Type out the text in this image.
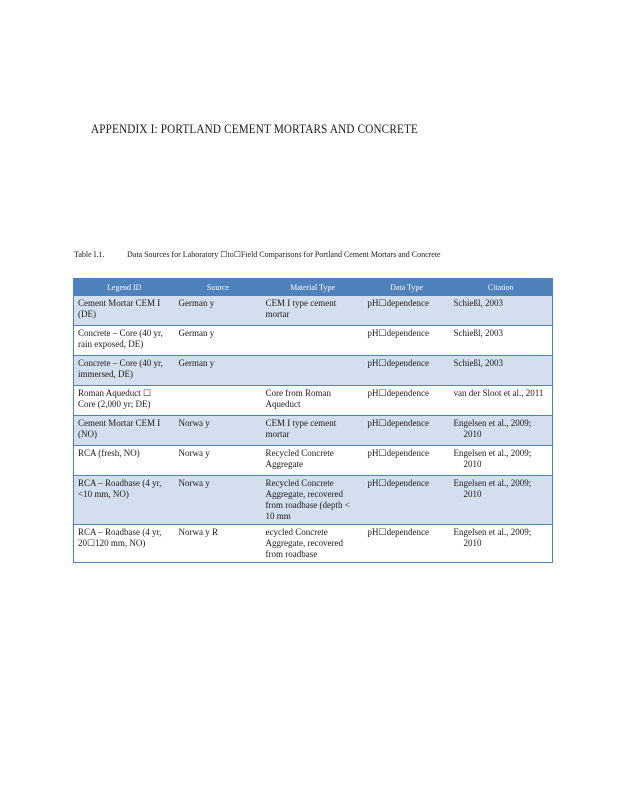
APPENDIX I: PORTLAND CEMENT MORTARS AND CONCRETE
Table I.1.	Data Sources for Laboratory ☐to☐Field Comparisons for Portland Cement Mortars and Concrete
Legend ID	Source	Material Type	Data Type	Citation
Cement Mortar CEM I (DE)	German y	CEM I type cement mortar	pH☐dependence	Schießl, 2003
Concrete – Core (40 yr, rain exposed, DE)	German y		pH☐dependence	Schießl, 2003
Concrete – Core (40 yr, immersed, DE)	German y		pH☐dependence	Schießl, 2003
Roman Aqueduct ☐ Core (2,000 yr; DE)		Core from Roman Aqueduct	pH☐dependence	van der Sloot et al., 2011
Cement Mortar CEM I (NO)	Norwa y	CEM I type cement mortar	pH☐dependence	Engelsen et al., 2009; 2010
RCA (fresh, NO)	Norwa y	Recycled Concrete Aggregate	pH☐dependence	Engelsen et al., 2009; 2010
RCA – Roadbase (4 yr, <10 mm, NO)	Norwa y	Recycled Concrete Aggregate, recovered from roadbase (depth < 10 mm	pH☐dependence	Engelsen et al., 2009; 2010
RCA – Roadbase (4 yr, 20☐120 mm, NO)	Norwa y R	ecycled Concrete Aggregate, recovered from roadbase	pH☐dependence	Engelsen et al., 2009; 2010
